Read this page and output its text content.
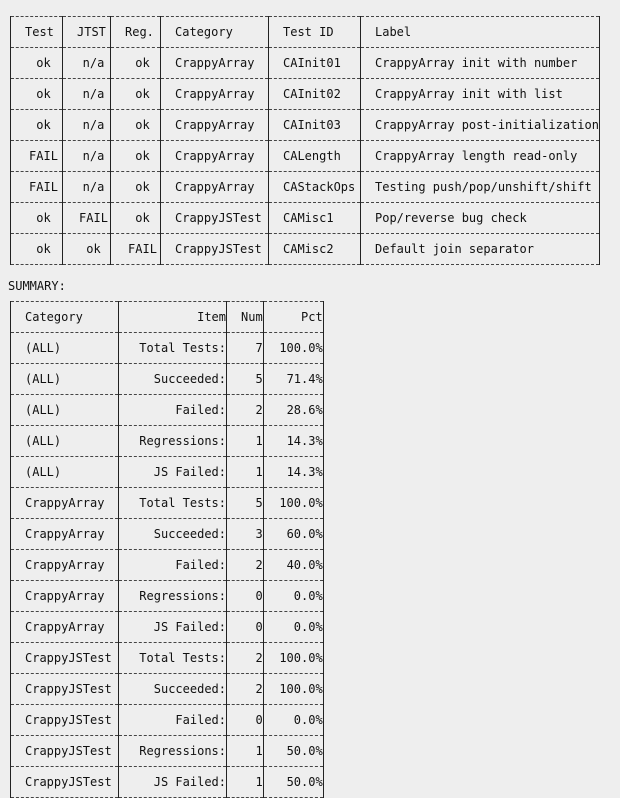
Test	JTST	Reg.	Category	Test ID	Label
ok	n/a	ok	CrappyArray	CAInit01	CrappyArray init with number
ok	n/a	ok	CrappyArray	CAInit02	CrappyArray init with list
ok	n/a	ok	CrappyArray	CAInit03	CrappyArray post-initialization
FAIL	n/a	ok	CrappyArray	CALength	CrappyArray length read-only
FAIL	n/a	ok	CrappyArray	CAStackOps	Testing push/pop/unshift/shift
ok	FAIL	ok	CrappyJSTest	CAMisc1	Pop/reverse bug check
ok	ok	FAIL	CrappyJSTest	CAMisc2	Default join separator
SUMMARY:
Category	Item	Num	Pct
(ALL)	Total Tests:	7	100.0%
(ALL)	Succeeded:	5	71.4%
(ALL)	Failed:	2	28.6%
(ALL)	Regressions:	1	14.3%
(ALL)	JS Failed:	1	14.3%
CrappyArray	Total Tests:	5	100.0%
CrappyArray	Succeeded:	3	60.0%
CrappyArray	Failed:	2	40.0%
CrappyArray	Regressions:	0	0.0%
CrappyArray	JS Failed:	0	0.0%
CrappyJSTest	Total Tests:	2	100.0%
CrappyJSTest	Succeeded:	2	100.0%
CrappyJSTest	Failed:	0	0.0%
CrappyJSTest	Regressions:	1	50.0%
CrappyJSTest	JS Failed:	1	50.0%
